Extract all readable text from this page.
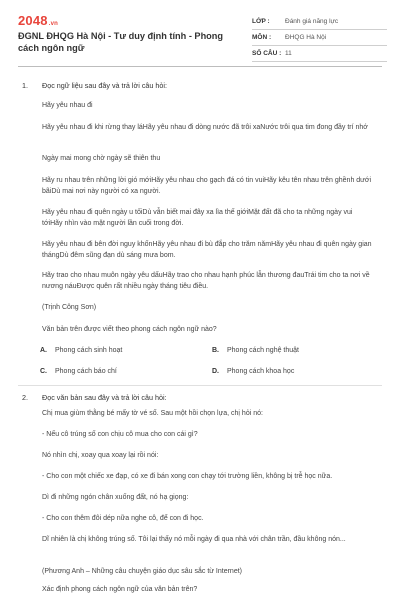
2048.vn
ĐGNL ĐHQG Hà Nội - Tư duy định tính - Phong cách ngôn ngữ
LỚP :	Đánh giá năng lực
MÔN :	ĐHQG Hà Nội
SỐ CÂU : 11
1. Đọc ngữ liệu sau đây và trả lời câu hỏi:
Hãy yêu nhau đi
Hãy yêu nhau đi khi rừng thay láHãy yêu nhau đi dòng nước đã trôi xaNước trôi qua tim đong đầy trí nhớ
Ngày mai mong chờ ngày sẽ thiên thu
Hãy ru nhau trên những lời gió mớiHãy yêu nhau cho gạch đá có tin vuiHãy kêu tên nhau trên ghềnh dưới bãiDù mai nơi này người có xa người.
Hãy yêu nhau đi quên ngày u tốiDù vẫn biết mai đây xa lìa thế giớiMặt đất đã cho ta những ngày vui tớiHãy nhìn vào mặt người lần cuối trong đời.
Hãy yêu nhau đi bên đời nguy khốnHãy yêu nhau đi bù đắp cho trăm nămHãy yêu nhau đi quên ngày gian thángDù đêm sũng đạn dù sáng mưa bom.
Hãy trao cho nhau muôn ngày yêu dấuHãy trao cho nhau hạnh phúc lẫn thương đauTrái tim cho ta nơi về nương náuĐược quên rất nhiều ngày tháng tiêu điều.
(Trịnh Công Sơn)
Văn bản trên được viết theo phong cách ngôn ngữ nào?
A. Phong cách sinh hoạt	B. Phong cách nghệ thuật
C. Phong cách báo chí	D. Phong cách khoa học
2. Đọc văn bản sau đây và trả lời câu hỏi:
Chị mua giùm thằng bé mấy tờ vé số. Sau một hồi chọn lựa, chị hỏi nó:
- Nếu cô trúng số con chịu cô mua cho con cái gì?
Nó nhìn chị, xoay qua xoay lại rồi nói:
- Cho con một chiếc xe đạp, có xe đi bán xong con chạy tới trường liền, không bị trễ học nữa.
Dì đi những ngón chân xuống đất, nó hạ giọng:
- Cho con thêm đôi dép nữa nghe cô, để con đi học.
Dĩ nhiên là chị không trúng số. Tôi lại thấy nó mỗi ngày đi qua nhà với chân trần, đầu không nón...
(Phương Anh – Những câu chuyện giáo dục sâu sắc từ Internet)
Xác định phong cách ngôn ngữ của văn bản trên?
